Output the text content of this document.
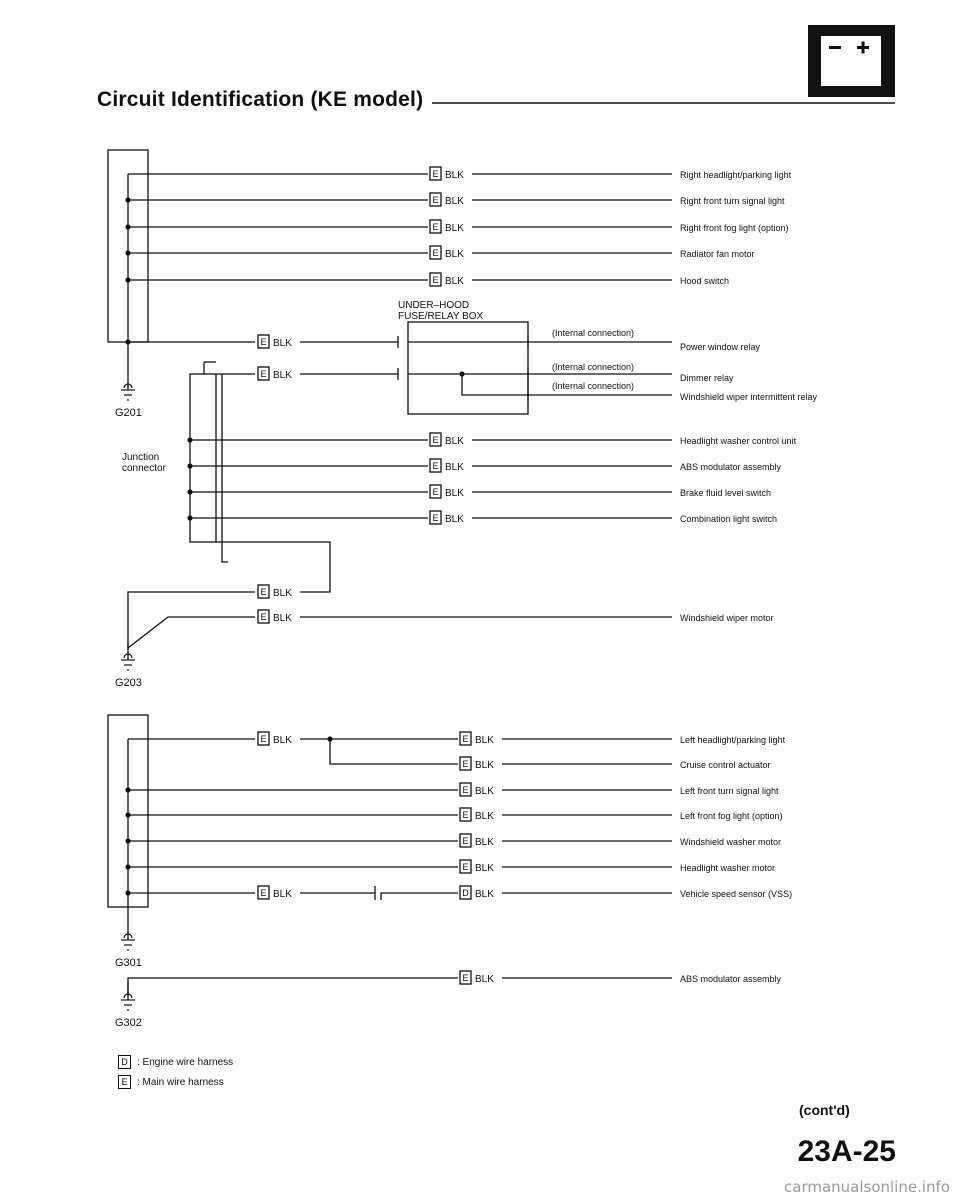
E BLK	Right headlight/parking light
E BLK	Right front turn signal light
E BLK	Right front fog light (option)
E BLK	Radiator fan motor
E BLK	Hood switch
E BLK
G201
UNDER–HOOD
FUSE/RELAY BOX
(Internal connection)
Power window relay
E BLK
(Internal connection)
(Internal connection)
Dimmer relay
Windshield wiper intermittent relay
Junction
connector
E BLK	Headlight washer control unit
E BLK	ABS modulator assembly
E BLK	Brake fluid level switch
E BLK	Combination light switch
E BLK
E BLK	Windshield wiper motor
G203
E BLK	E BLK	Left headlight/parking light
E BLK	Cruise control actuator
E BLK	Left front turn signal light
E BLK	Left front fog light (option)
E BLK	Windshield washer motor
E BLK	Headlight washer motor
D BLK	Vehicle speed sensor (VSS)
E BLK
G301
E BLK	ABS modulator assembly
G302
Circuit Identification (KE model)
(cont'd)
23A-25
carmanualsonline.info
D : Engine wire harness
E : Main wire harness
